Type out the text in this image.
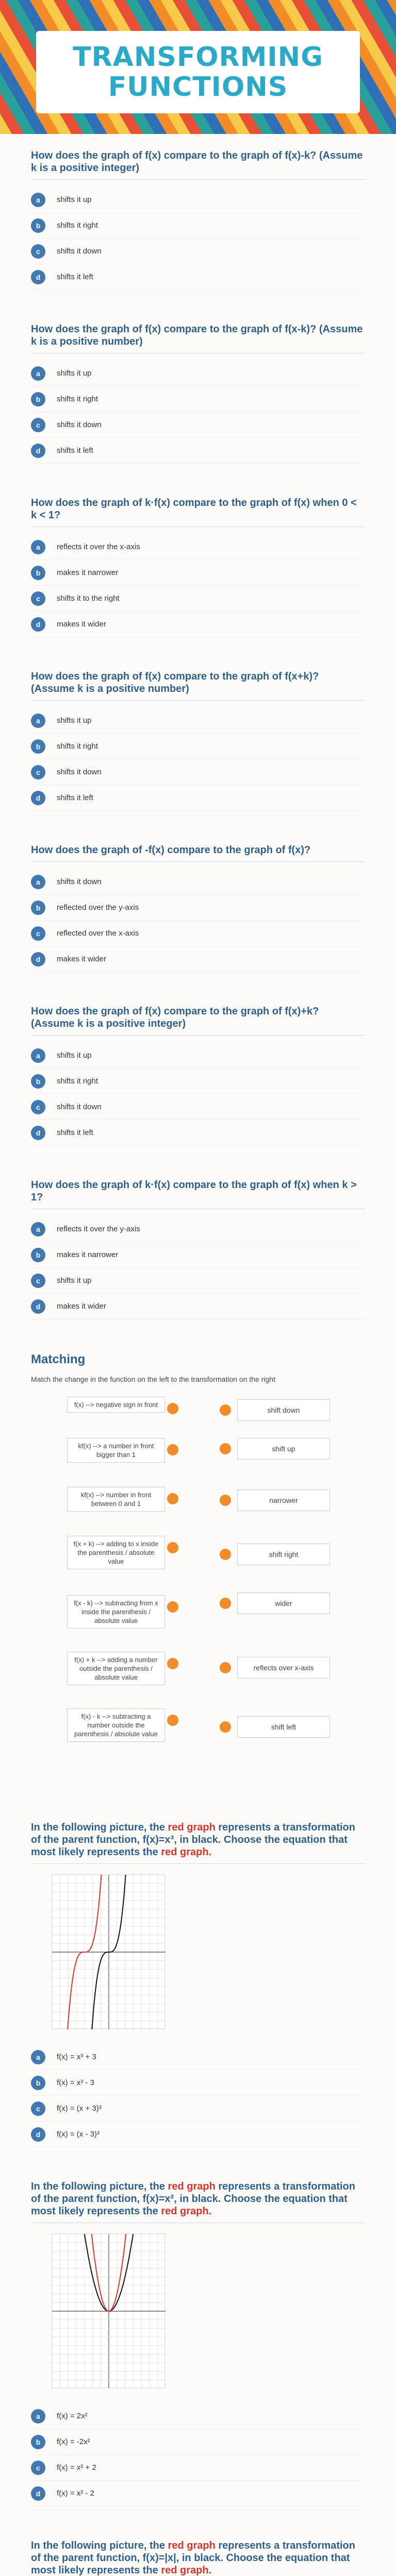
TRANSFORMING FUNCTIONS
How does the graph of f(x) compare to the graph of f(x)-k? (Assume k is a positive integer)
a	shifts it up
b	shifts it right
c	shifts it down
d	shifts it left
How does the graph of f(x) compare to the graph of f(x-k)? (Assume k is a positive number)
a	shifts it up
b	shifts it right
c	shifts it down
d	shifts it left
How does the graph of k·f(x) compare to the graph of f(x) when 0 < k < 1?
a	reflects it over the x-axis
b	makes it narrower
c	shifts it to the right
d	makes it wider
How does the graph of f(x) compare to the graph of f(x+k)? (Assume k is a positive number)
a	shifts it up
b	shifts it right
c	shifts it down
d	shifts it left
How does the graph of -f(x) compare to the graph of f(x)?
a	shifts it down
b	reflected over the y-axis
c	reflected over the x-axis
d	makes it wider
How does the graph of f(x) compare to the graph of f(x)+k? (Assume k is a positive integer)
a	shifts it up
b	shifts it right
c	shifts it down
d	shifts it left
How does the graph of k·f(x) compare to the graph of f(x) when k > 1?
a	reflects it over the y-axis
b	makes it narrower
c	shifts it up
d	makes it wider
Matching
Match the change in the function on the left to the transformation on the right
f(x) --> negative sign in front
kf(x) --> a number in front bigger than 1
kf(x) --> number in front between 0 and 1
f(x + k) --> adding to x inside the parenthesis / absolute value
f(x - k) --> subtracting from x inside the parenthesis / absolute value
f(x) + k --> adding a number outside the parenthesis / absolute value
f(x) - k --> subtracting a number outside the parenthesis / absolute value
shift down
shift up
narrower
shift right
wider
reflects over x-axis
shift left
In the following picture, the red graph represents a transformation of the parent function, f(x)=x³, in black. Choose the equation that most likely represents the red graph.
a	f(x) = x³ + 3
b	f(x) = x³ - 3
c	f(x) = (x + 3)³
d	f(x) = (x - 3)³
In the following picture, the red graph represents a transformation of the parent function, f(x)=x², in black. Choose the equation that most likely represents the red graph.
a	f(x) = 2x²
b	f(x) = -2x²
c	f(x) = x² + 2
d	f(x) = x² - 2
In the following picture, the red graph represents a transformation of the parent function, f(x)=|x|, in black. Choose the equation that most likely represents the red graph.
